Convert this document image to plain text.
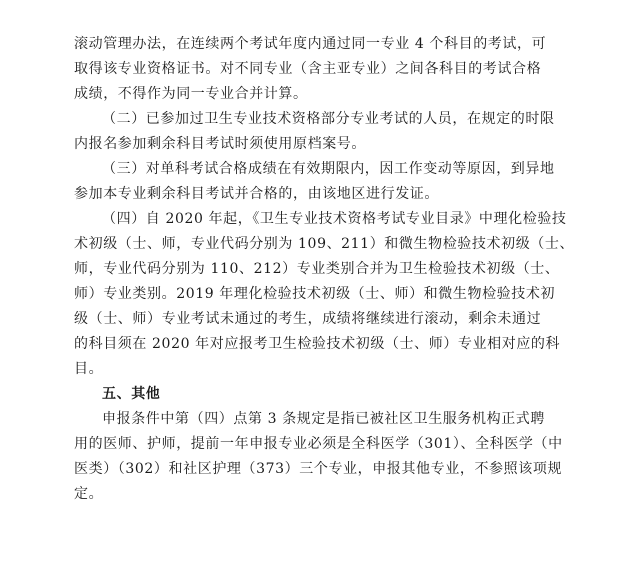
滚动管理办法，在连续两个考试年度内通过同一专业 4 个科目的考试，可
取得该专业资格证书。对不同专业（含主亚专业）之间各科目的考试合格
成绩，不得作为同一专业合并计算。
（二）已参加过卫生专业技术资格部分专业考试的人员，在规定的时限
内报名参加剩余科目考试时须使用原档案号。
（三）对单科考试合格成绩在有效期限内，因工作变动等原因，到异地
参加本专业剩余科目考试并合格的，由该地区进行发证。
（四）自 2020 年起，《卫生专业技术资格考试专业目录》中理化检验技
术初级（士、师，专业代码分别为 109、211）和微生物检验技术初级（士、
师，专业代码分别为 110、212）专业类别合并为卫生检验技术初级（士、
师）专业类别。2019 年理化检验技术初级（士、师）和微生物检验技术初
级（士、师）专业考试未通过的考生，成绩将继续进行滚动，剩余未通过
的科目须在 2020 年对应报考卫生检验技术初级（士、师）专业相对应的科
目。
五、其他
申报条件中第（四）点第 3 条规定是指已被社区卫生服务机构正式聘
用的医师、护师，提前一年申报专业必须是全科医学（301）、全科医学（中
医类）（302）和社区护理（373）三个专业，申报其他专业，不参照该项规
定。
